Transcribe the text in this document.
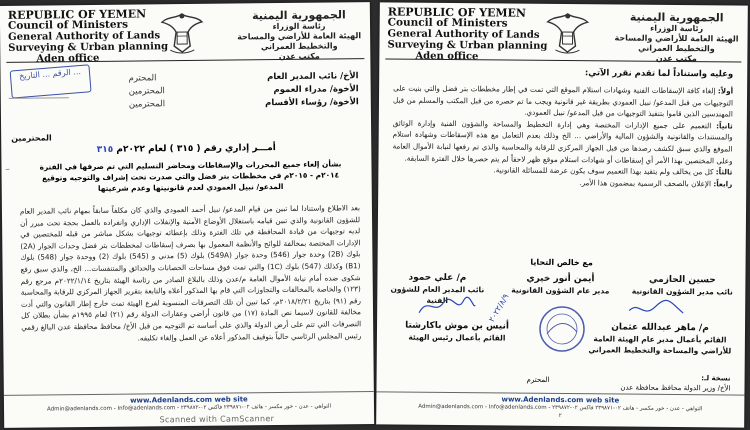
REPUBLIC OF YEMEN
Council of Ministers
General Authority of Lands
Surveying & Urban planning
Aden office
الجمهورية اليمنية
رئاسة الوزراء
الهيئة العامة للأراضي والمساحة والتخطيط العمراني
مكتب عدن
الرقم ... التاريخ ...	الأخ/ نائب المدير العام
المحترم
الأخوة/ مدراء العموم
المحترمين
الأخوة/ رؤساء الأقسام
المحترمين
المحترمين
أمـــر إداري رقم ( ٣١٥ ) لعام ٢٠٢٢م ٣١٥
بشأن إلغاء جميع المحررات والإسقاطات ومحاضر التسليم التي تم صرفها في الفترة ٢٠١٤م - ٢٠١٥م في مخططات بتر فضل والتي صدرت تحت إشراف والتوجيه وتوقيع المدعو/ نبيل العمودي لعدم قانونيتها وعدم شرعيتها

بعد الاطلاع واستنادا لما تبين من قيام المدعو/ نبيل أحمد العمودي والذي كان مكلفاً سابقاً بمهام نائب المدير العام للشؤون القانونية والذي تبين قيامه باستغلال الأوضاع الأمنية والإنفلات الإداري وانفراده بالعمل بحجة تحت مبرر أن لديه توجيهات من قيادة المحافظة في تلك الفترة وذلك بإعطائه توجيهات بشكل مباشر من قبله للمختصين في الإدارات المختصة بمخالفة للوائح والأنظمة المعمول بها بصرف إسقاطات لمخططات بتر فضل وحدات الجوار (2A) بلوك (2B) وحدة جوار (546) وحدة جوار (549A) بلوك (5) مدني و (545) بلوك (2) ووحدة جوار (548) بلوك (B1) وكذلك (547) بلوك (1C) والتي تمت فوق مساحات الحصانات والحدائق والمتنفسات... الخ، والذي سبق رفع شكوى ضده أمام نيابة الأموال العامة م/عدن وذلك بالبلاغ الصادر من رئاسة الهيئة بتاريخ ٢٠٢٢/١/١٤م مرجع رقم (١٢٣) والخاصة بالمخالفات والتجاوزات التي قام بها المذكور أعلاه والتابعة بتقرير الجهاز المركزي للرقابة والمحاسبة رقم (٩١) بتاريخ ٢٠١٨/٢/٢١م، كما تبين أن تلك التصرفات المنسوبة لفرع الهيئة تمت خارج إطار القانون والتي أدت مخالفة للقانون لاسيما نص المادة (١٧) من قانون أراضي وعقارات الدولة رقم (٢١) لعام ١٩٩٥م بشأن بطلان كل التصرفات التي تتم على أرض الدولة والذي على أساسه تم التوجيه من قبل الأخ/ محافظ محافظة عدن البالغ رقمي رئيس المجلس الرئاسي حالياً بتوقيف المذكور أعلاه عن العمل وإلغاء تكليفه.

١
www.Adenlands.com web site
التواهي - عدن - خور مكسر - هاتف ٠٢-٢٣٩٨٧١ فاكس ٠٢-٢٣٩٨٧٢ - Admin@adenlands.com - Info@adenlands.com
Scanned with CamScanner
REPUBLIC OF YEMEN
Council of Ministers
General Authority of Lands
Surveying & Urban planning
Aden office
الجمهورية اليمنية
رئاسة الوزراء
الهيئة العامة للأراضي والمساحة والتخطيط العمراني
مكتب عدن
وعليه واستناداً لما تقدم نقرر الآتي:

أولاً: إلغاء كافة الإسقاطات الفنية وشهادات استلام الموقع التي تمت في إطار مخططات بتر فضل والتي بنيت على التوجيهات من قبل المدعو/ نبيل العمودي بطريقة غير قانونية ويجب ما تم حصره من قبل المكتب والمسلم من قبل المهندسين الذين قاموا بتنفيذ التوجيهات من قبل المدعو/ نبيل العمودي.

ثانياً: التعميم على جميع الإدارات المختصة وهي إدارة التخطيط والمساحة والشؤون الفنية وإدارة الوثائق والمستندات والقانونية والشؤون المالية والأراضي ... الخ وذلك بعدم التعامل مع هذه الإسقاطات وشهادة استلام الموقع والذي سبق لكشف رصدها من قبل الجهاز المركزي للرقابة والمحاسبة والذي تم رفعها لنيابة الأموال العامة وعلى المختصين بهذا الأمر أي إسقاطات أو شهادات استلام موقع ظهر لاحقاً لم يتم حصرها خلال الفترة السابقة.

ثالثاً: كل من يخالف ولم يتقيد بهذا التعميم سوف يكون عرضة للمسائلة القانونية.

رابعاً: الإعلان بالصحف الرسمية بمضمون هذا الأمر.

مع خالص التحايا
حسين الحازمي
نائب مدير الشؤون القانونية
أيمن أنور خيري
مدير عام الشؤون القانونية
م/ علي حمود
نائب المدير العام للشؤون الفنية
أنيس بن موش باكارشتا
القائم بأعمال رئيس الهيئة
م/ ماهر عبدالله عثمان
القائم بأعمال مدير عام الهيئة العامة للأراضي والمساحة والتخطيط العمراني
٢٠٢٢/٨/٩
نسخة لـ:
الأخ/ وزير الدولة محافظ محافظة عدن
المحترم
www.Adenlands.com web site
التواهي - عدن - خور مكسر - هاتف ٠٢-٢٣٩٨٧١ فاكس ٠٢-٢٣٩٨٧٢ - Admin@adenlands.com - Info@adenlands.com
٢
